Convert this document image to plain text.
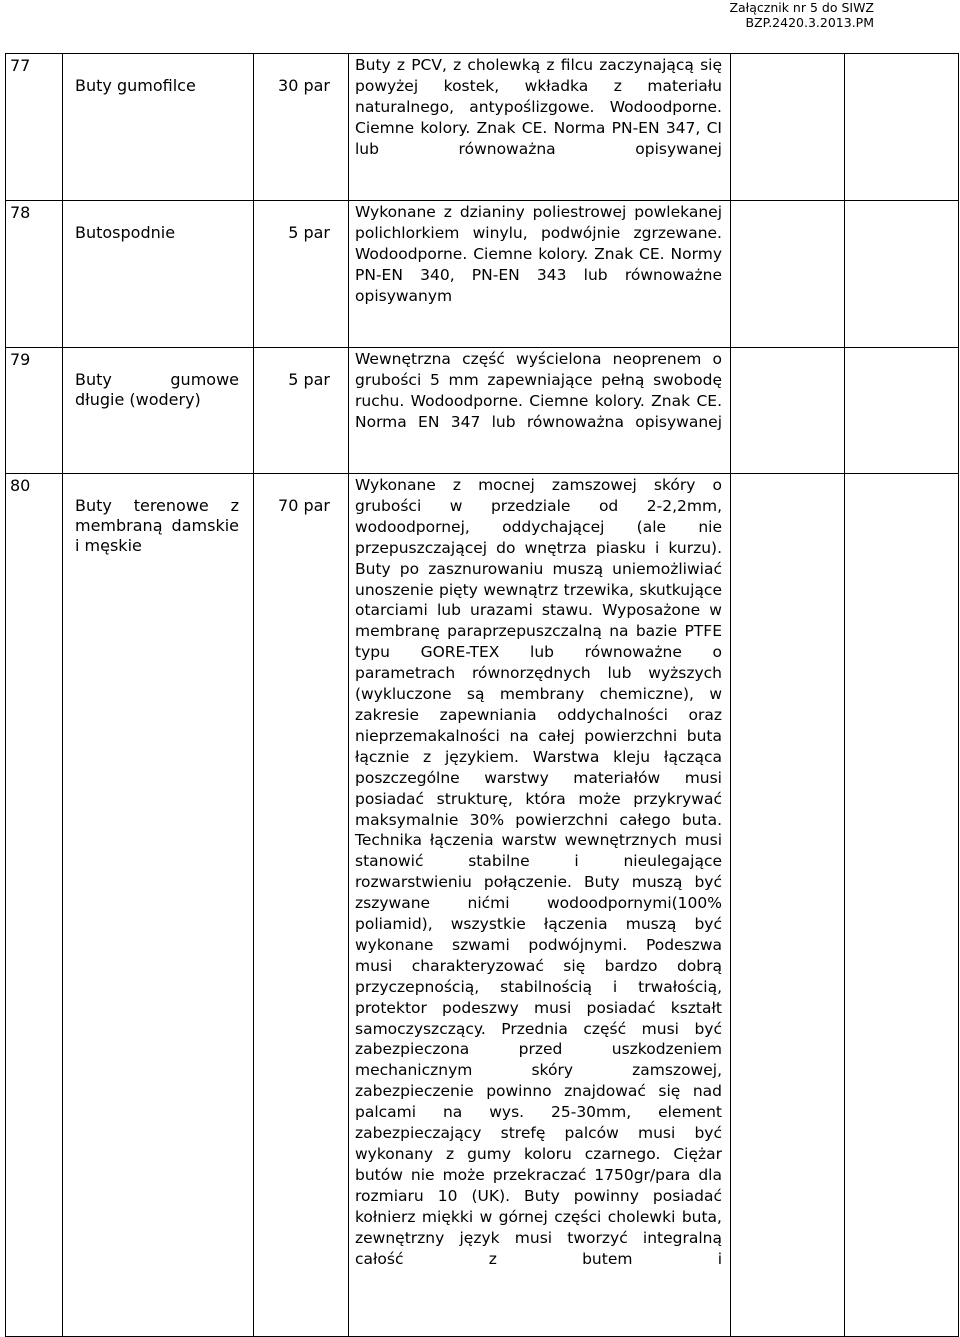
Załącznik nr 5 do SIWZ
BZP.2420.3.2013.PM
77	Buty gumofilce	30 par	Buty z PCV, z cholewką z filcu zaczynającą się powyżej kostek, wkładka z materiału naturalnego, antypoślizgowe. Wodoodporne. Ciemne kolory. Znak CE. Norma PN-EN 347, CI lub równoważna opisywanej		
78	Butospodnie	5 par	Wykonane z dzianiny poliestrowej powlekanej polichlorkiem winylu, podwójnie zgrzewane. Wodoodporne. Ciemne kolory. Znak CE. Normy PN-EN 340, PN-EN 343 lub równoważne opisywanym		
79	Buty gumowe długie (wodery)	5 par	Wewnętrzna część wyścielona neoprenem o grubości 5 mm zapewniające pełną swobodę ruchu. Wodoodporne. Ciemne kolory. Znak CE. Norma EN 347 lub równoważna opisywanej		
80	Buty terenowe z membraną damskie i męskie	70 par	Wykonane z mocnej zamszowej skóry o grubości w przedziale od 2-2,2mm, wodoodpornej, oddychającej (ale nie przepuszczającej do wnętrza piasku i kurzu). Buty po zasznurowaniu muszą uniemożliwiać unoszenie pięty wewnątrz trzewika, skutkujące otarciami lub urazami stawu. Wyposażone w membranę paraprzepuszczalną na bazie PTFE typu GORE-TEX lub równoważne o parametrach równorzędnych lub wyższych (wykluczone są membrany chemiczne), w zakresie zapewniania oddychalności oraz nieprzemakalności na całej powierzchni buta łącznie z językiem. Warstwa kleju łącząca poszczególne warstwy materiałów musi posiadać strukturę, która może przykrywać maksymalnie 30% powierzchni całego buta. Technika łączenia warstw wewnętrznych musi stanowić stabilne i nieulegające rozwarstwieniu połączenie. Buty muszą być zszywane nićmi wodoodpornymi(100% poliamid), wszystkie łączenia muszą być wykonane szwami podwójnymi. Podeszwa musi charakteryzować się bardzo dobrą przyczepnością, stabilnością i trwałością, protektor podeszwy musi posiadać kształt samoczyszczący. Przednia część musi być zabezpieczona przed uszkodzeniem mechanicznym skóry zamszowej, zabezpieczenie powinno znajdować się nad palcami na wys. 25-30mm, element zabezpieczający strefę palców musi być wykonany z gumy koloru czarnego. Ciężar butów nie może przekraczać 1750gr/para dla rozmiaru 10 (UK). Buty powinny posiadać kołnierz miękki w górnej części cholewki buta, zewnętrzny język musi tworzyć integralną całość z butem i		
